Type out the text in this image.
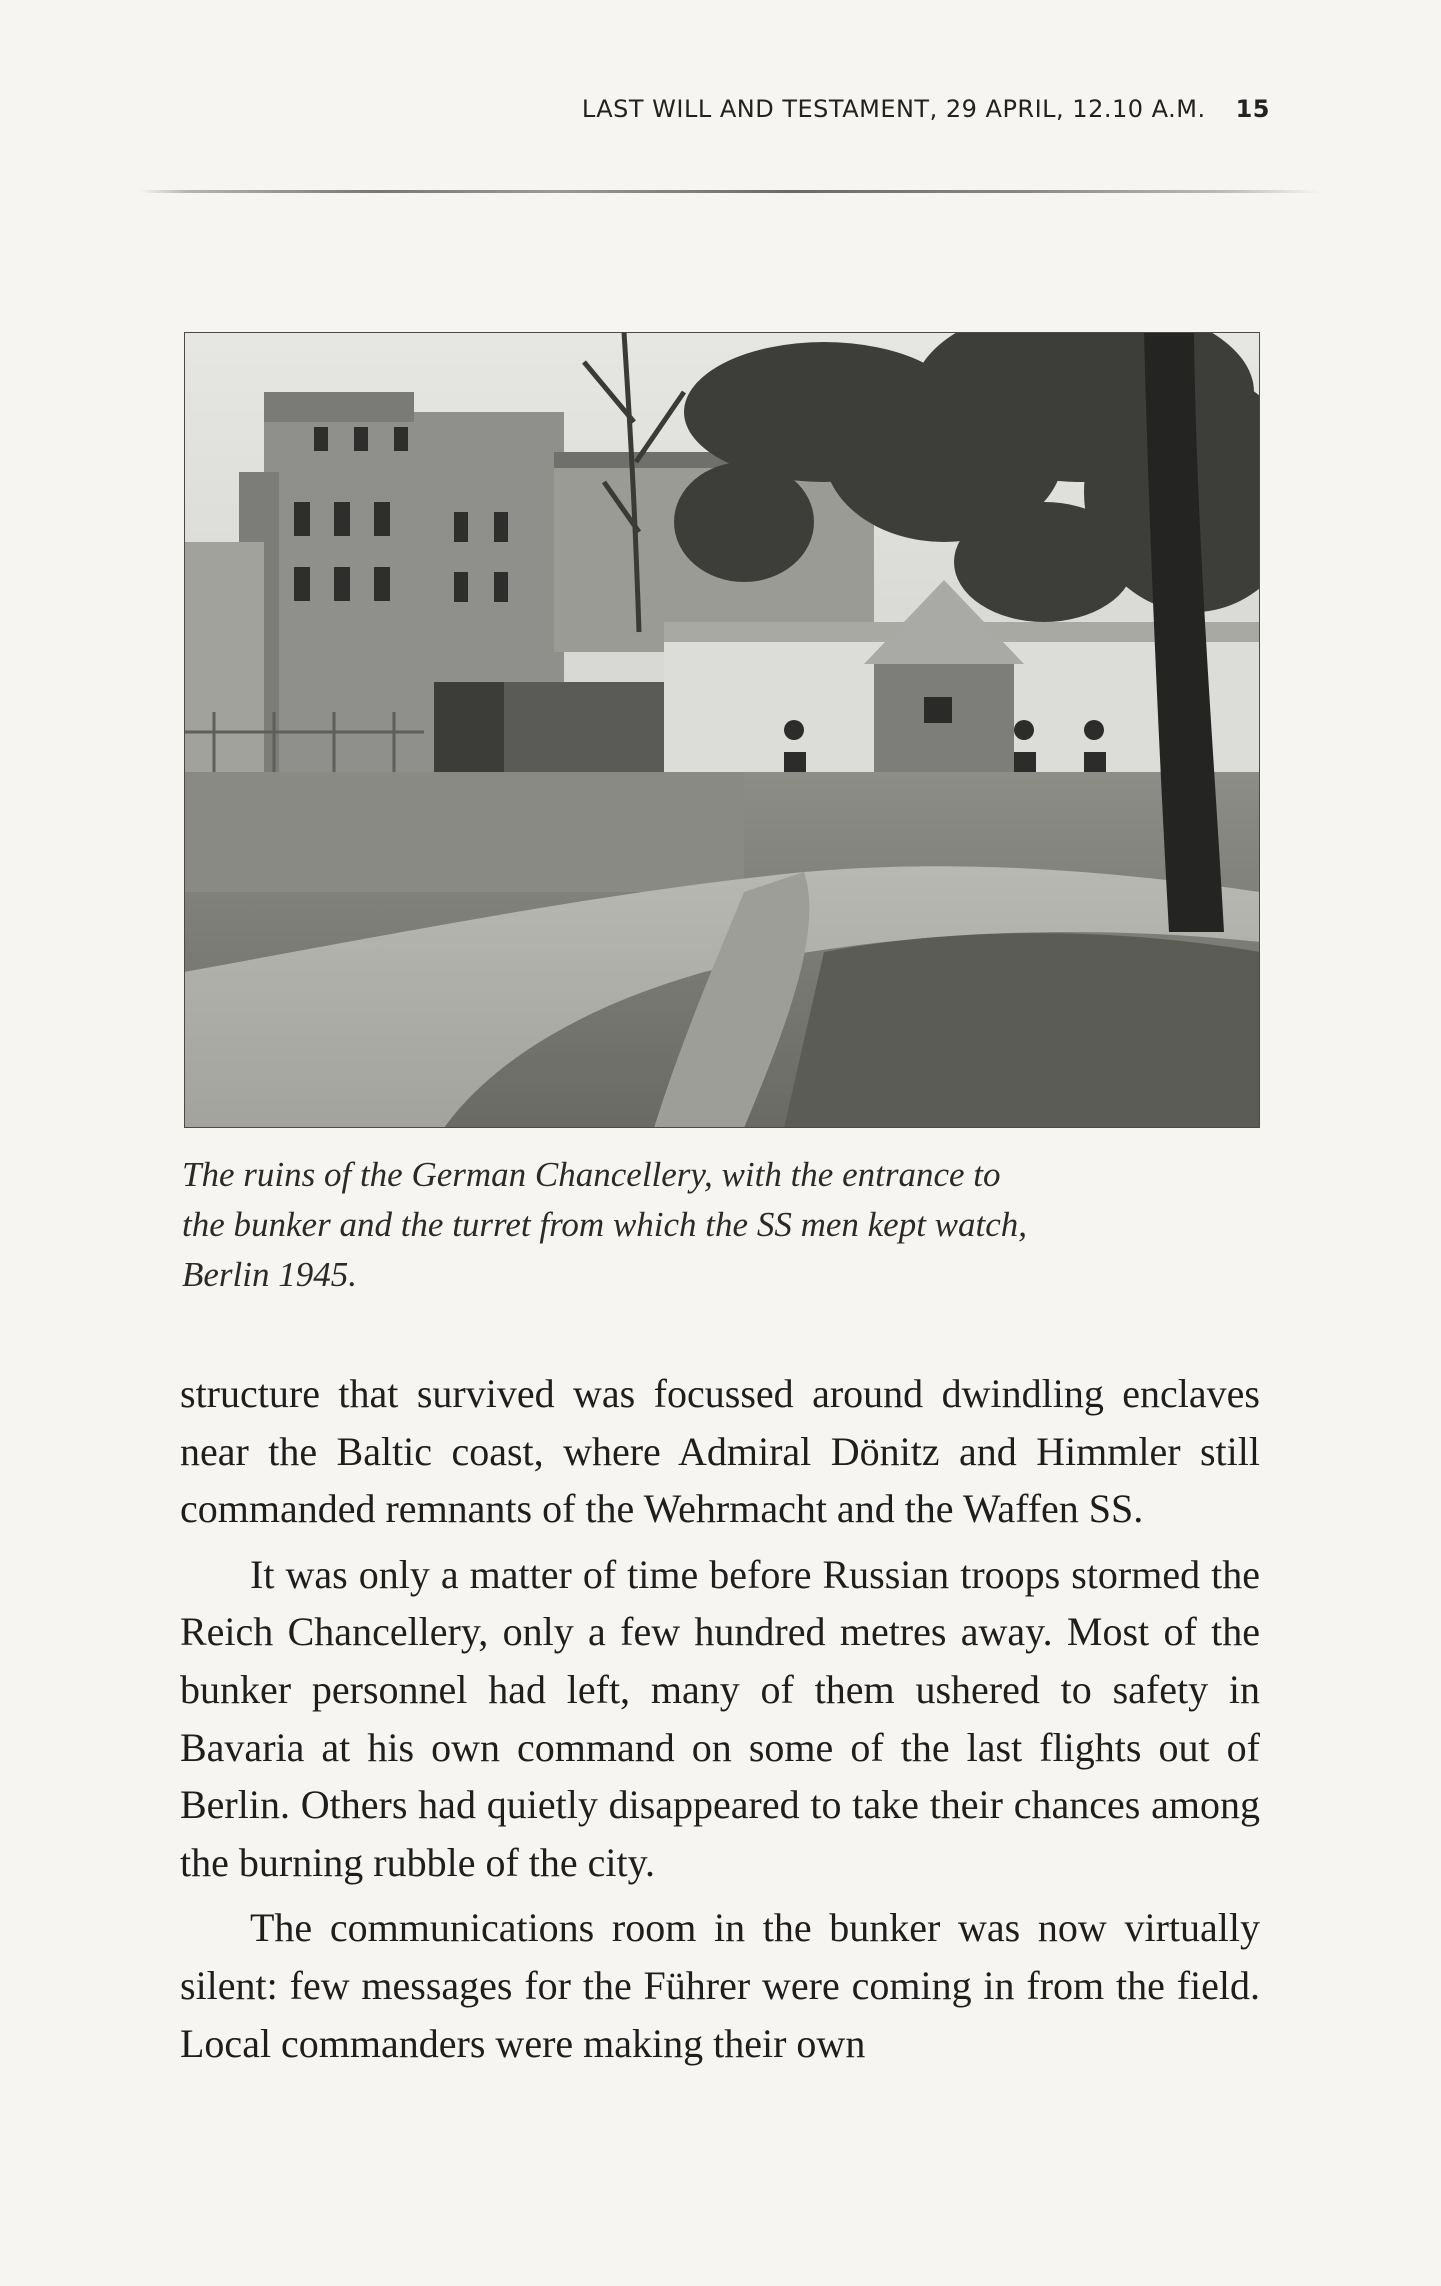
LAST WILL AND TESTAMENT, 29 APRIL, 12.10 A.M. 15
The ruins of the German Chancellery, with the entrance to
the bunker and the turret from which the SS men kept watch,
Berlin 1945.

structure that survived was focussed around dwindling enclaves near the Baltic coast, where Admiral Dönitz and Himmler still commanded remnants of the Wehrmacht and the Waffen SS.

It was only a matter of time before Russian troops stormed the Reich Chancellery, only a few hundred metres away. Most of the bunker personnel had left, many of them ushered to safety in Bavaria at his own command on some of the last flights out of Berlin. Others had quietly disappeared to take their chances among the burning rubble of the city.

The communications room in the bunker was now virtually silent: few messages for the Führer were coming in from the field. Local commanders were making their own
